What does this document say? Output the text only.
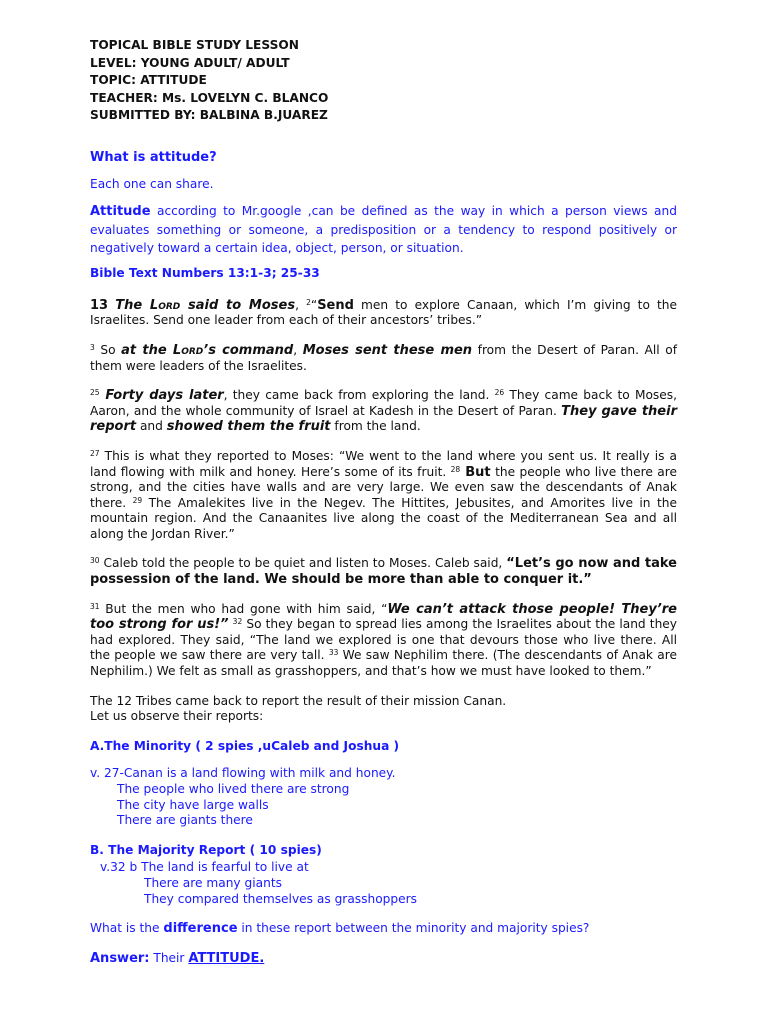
TOPICAL BIBLE STUDY LESSON
LEVEL: YOUNG ADULT/ ADULT
TOPIC: ATTITUDE
TEACHER: Ms. LOVELYN C. BLANCO
SUBMITTED BY: BALBINA B.JUAREZ

What is attitude?

Each one can share.

Attitude according to Mr.google ,can be defined as the way in which a person views and evaluates something or someone, a predisposition or a tendency to respond positively or negatively toward a certain idea, object, person, or situation.

Bible Text Numbers 13:1-3; 25-33

13 The Lord said to Moses, $^2$“Send men to explore Canaan, which I’m giving to the Israelites. Send one leader from each of their ancestors’ tribes.”

$^3$ So at the Lord’s command, Moses sent these men from the Desert of Paran. All of them were leaders of the Israelites.

$^{25}$ Forty days later, they came back from exploring the land. $^{26}$ They came back to Moses, Aaron, and the whole community of Israel at Kadesh in the Desert of Paran. They gave their report and showed them the fruit from the land.

$^{27}$ This is what they reported to Moses: “We went to the land where you sent us. It really is a land flowing with milk and honey. Here’s some of its fruit. $^{28}$ But the people who live there are strong, and the cities have walls and are very large. We even saw the descendants of Anak there. $^{29}$ The Amalekites live in the Negev. The Hittites, Jebusites, and Amorites live in the mountain region. And the Canaanites live along the coast of the Mediterranean Sea and all along the Jordan River.”

$^{30}$ Caleb told the people to be quiet and listen to Moses. Caleb said, “Let’s go now and take possession of the land. We should be more than able to conquer it.”

$^{31}$ But the men who had gone with him said, “We can’t attack those people! They’re too strong for us!” $^{32}$ So they began to spread lies among the Israelites about the land they had explored. They said, “The land we explored is one that devours those who live there. All the people we saw there are very tall. $^{33}$ We saw Nephilim there. (The descendants of Anak are Nephilim.) We felt as small as grasshoppers, and that’s how we must have looked to them.”

The 12 Tribes came back to report the result of their mission Canan.

Let us observe their reports:

A.The Minority ( 2 spies ,uCaleb and Joshua )

v. 27-Canan is a land flowing with milk and honey.

The people who lived there are strong

The city have large walls

There are giants there

B. The Majority Report ( 10 spies)

v.32 b The land is fearful to live at

There are many giants

They compared themselves as grasshoppers

What is the difference in these report between the minority and majority spies?

Answer: Their ATTITUDE.
